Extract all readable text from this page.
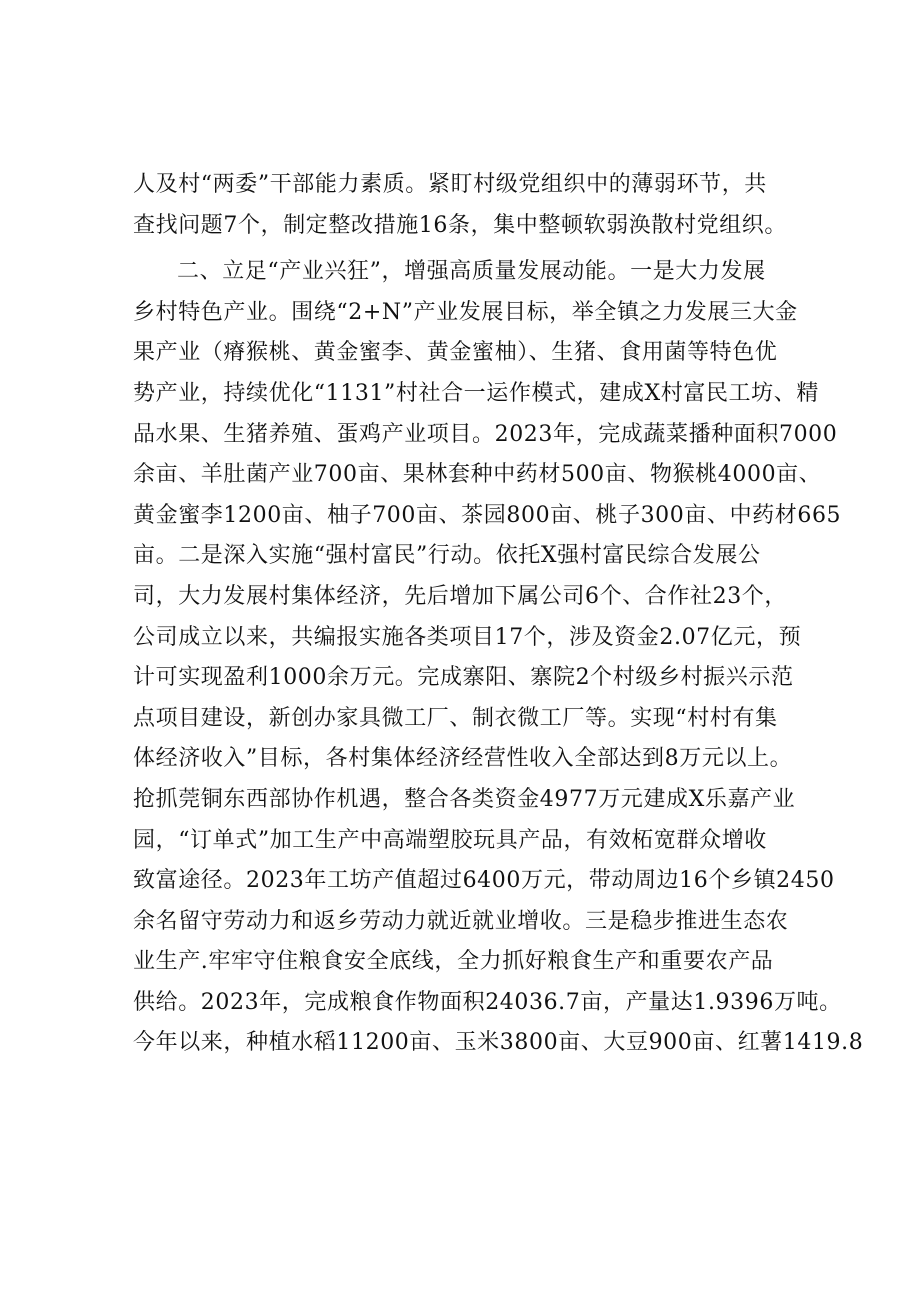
人及村“两委”干部能力素质。紧盯村级党组织中的薄弱环节，共
查找问题7个，制定整改措施16条，集中整顿软弱涣散村党组织。
二、立足“产业兴狂”，增强高质量发展动能。一是大力发展
乡村特色产业。围绕“2+N”产业发展目标，举全镇之力发展三大金
果产业（瘠猴桃、黄金蜜李、黄金蜜柚）、生猪、食用菌等特色优
势产业，持续优化“1131”村社合一运作模式，建成X村富民工坊、精
品水果、生猪养殖、蛋鸡产业项目。2023年，完成蔬菜播种面积7000
余亩、羊肚菌产业700亩、果林套种中药材500亩、物猴桃4000亩、
黄金蜜李1200亩、柚子700亩、茶园800亩、桃子300亩、中药材665
亩。二是深入实施“强村富民”行动。依托X强村富民综合发展公
司，大力发展村集体经济，先后增加下属公司6个、合作社23个，
公司成立以来，共编报实施各类项目17个，涉及资金2.07亿元，预
计可实现盈利1000余万元。完成寨阳、寨院2个村级乡村振兴示范
点项目建设，新创办家具微工厂、制衣微工厂等。实现“村村有集
体经济收入”目标，各村集体经济经营性收入全部达到8万元以上。
抢抓莞铜东西部协作机遇，整合各类资金4977万元建成X乐嘉产业
园，“订单式”加工生产中高端塑胶玩具产品，有效柘宽群众增收
致富途径。2023年工坊产值超过6400万元，带动周边16个乡镇2450
余名留守劳动力和返乡劳动力就近就业增收。三是稳步推进生态农
业生产.牢牢守住粮食安全底线，全力抓好粮食生产和重要农产品
供给。2023年，完成粮食作物面积24036.7亩，产量达1.9396万吨。
今年以来，种植水稻11200亩、玉米3800亩、大豆900亩、红薯1419.8
